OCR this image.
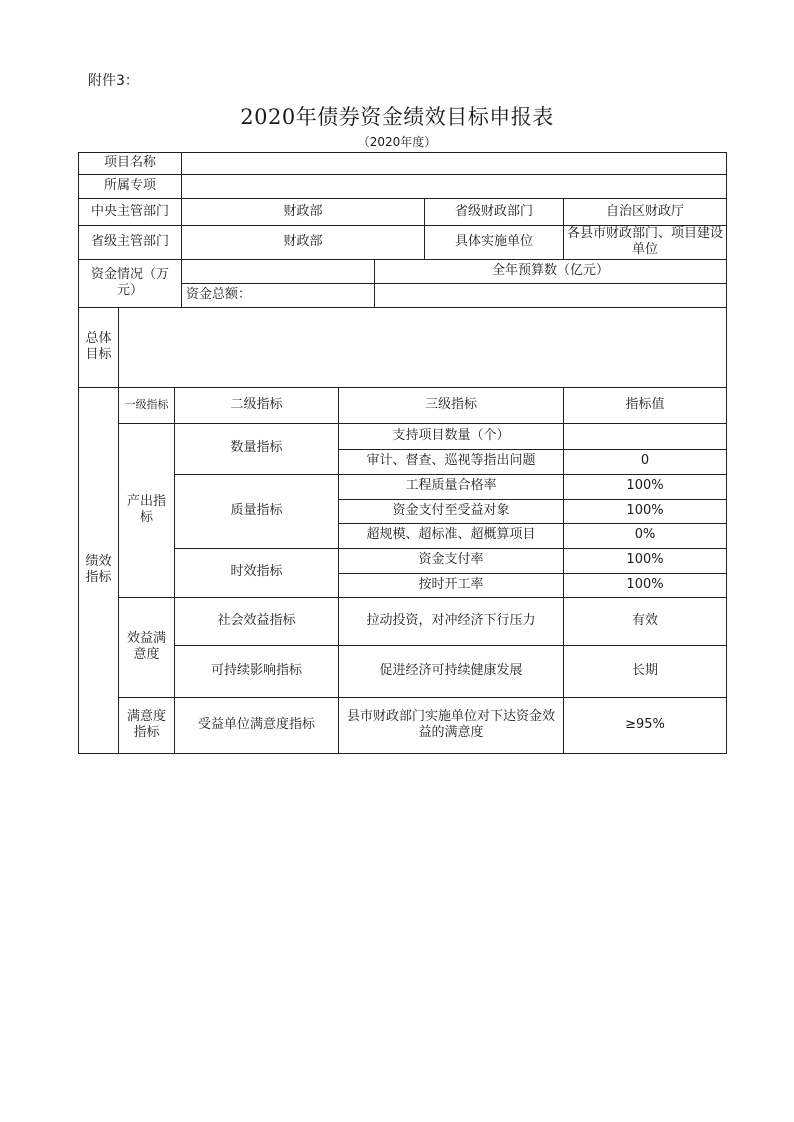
附件3：
2020年债券资金绩效目标申报表
（2020年度）
项目名称							
所属专项							
中央主管部门			财政部			省级财政部门	自治区财政厅
省级主管部门			财政部			具体实施单位	各县市财政部门、项目建设单位
资金情况（万元）					全年预算数（亿元）		
			资金总额：				
总体目标							
绩效指标	一级指标	二级指标		三级指标			指标值
	产出指标	数量指标		支持项目数量（个）			
				审计、督查、巡视等指出问题			0
		质量指标		工程质量合格率			100%
				资金支付至受益对象			100%
				超规模、超标准、超概算项目			0%
		时效指标		资金支付率			100%
				按时开工率			100%
	效益满意度	社会效益指标		拉动投资，对冲经济下行压力			有效
		可持续影响指标		促进经济可持续健康发展			长期
	满意度指标	受益单位满意度指标		县市财政部门实施单位对下达资金效益的满意度			≥95%
